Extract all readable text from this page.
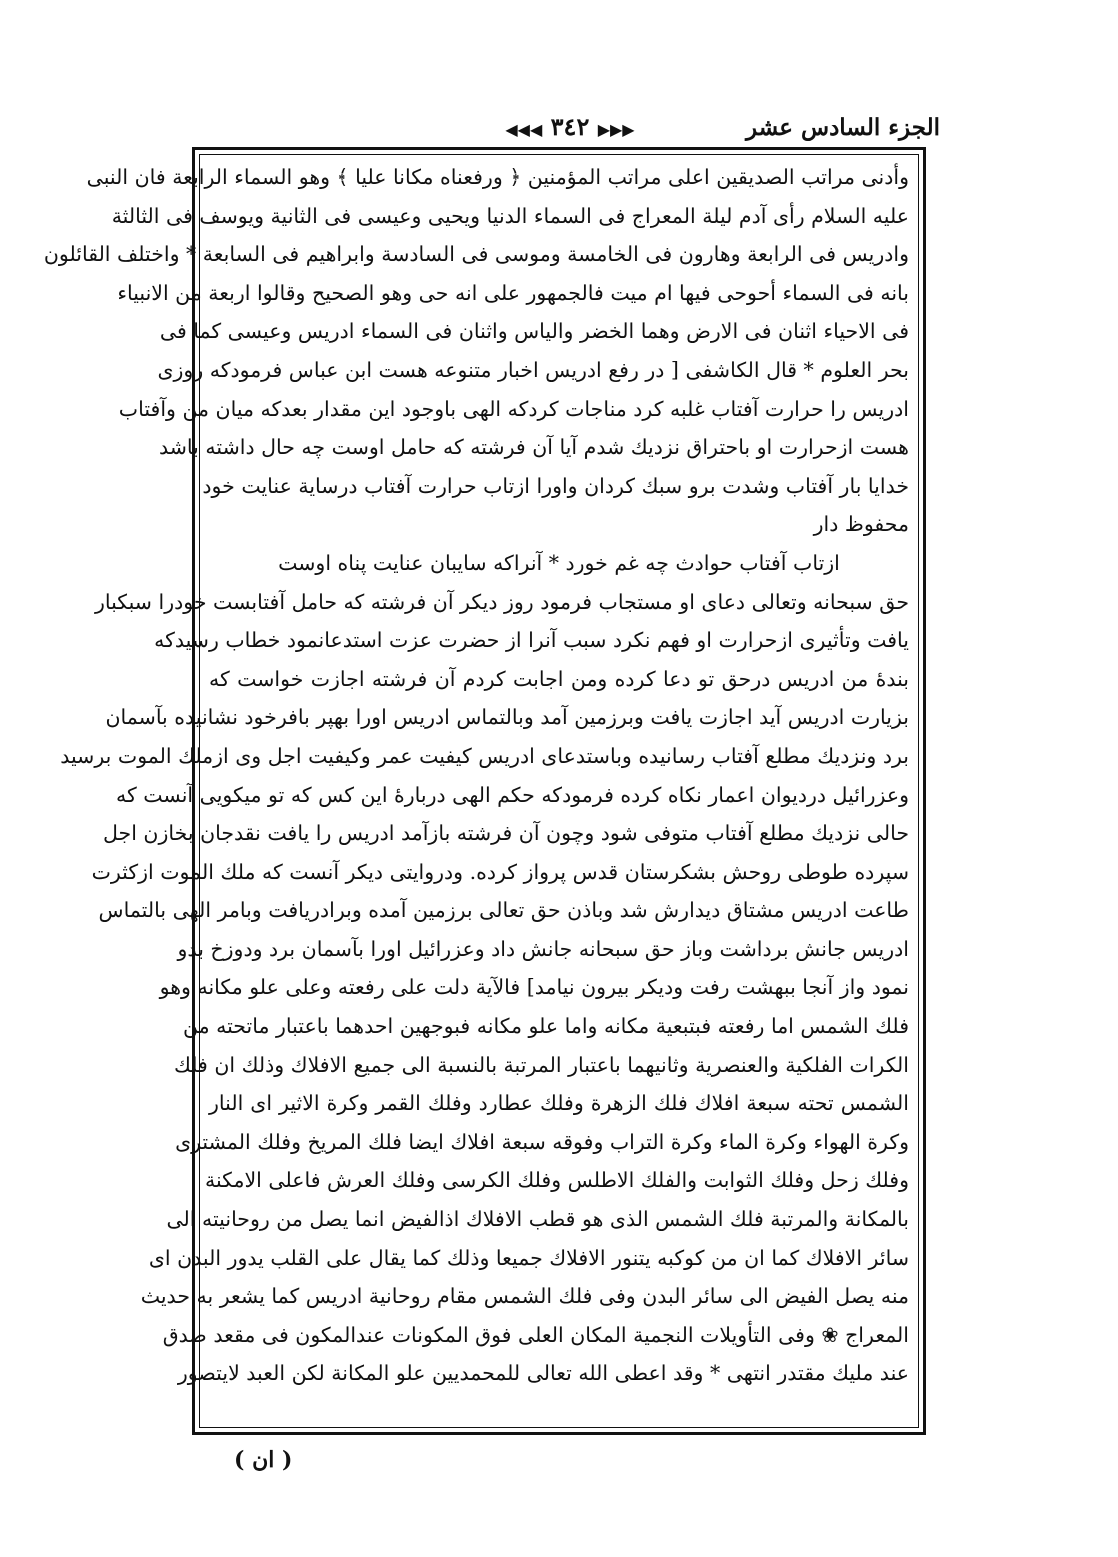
الجزء السادس عشر
◀◀◀ ٣٤٢ ▶▶▶
وأدنى مراتب الصديقين اعلى مراتب المؤمنين ﴿ ورفعناه مكانا عليا ﴾ وهو السماء الرابعة فان النبى
عليه السلام رأى آدم ليلة المعراج فى السماء الدنيا ويحيى وعيسى فى الثانية ويوسف فى الثالثة
وادريس فى الرابعة وهارون فى الخامسة وموسى فى السادسة وابراهيم فى السابعة * واختلف القائلون
بانه فى السماء أحوحى فيها ام ميت فالجمهور على انه حى وهو الصحيح وقالوا اربعة من الانبياء
فى الاحياء اثنان فى الارض وهما الخضر والياس واثنان فى السماء ادريس وعيسى كما فى
بحر العلوم * قال الكاشفى [ در رفع ادريس اخبار متنوعه هست ابن عباس فرمودكه روزى
ادريس را حرارت آفتاب غلبه كرد مناجات كردكه الهى باوجود اين مقدار بعدكه ميان من وآفتاب
هست ازحرارت او باحتراق نزديك شدم آيا آن فرشته كه حامل اوست چه حال داشته باشد
خدايا بار آفتاب وشدت برو سبك كردان واورا ازتاب حرارت آفتاب درساية عنايت خود
محفوظ دار
ازتاب آفتاب حوادث چه غم خورد * آنراكه سايبان عنايت پناه اوست
حق سبحانه وتعالى دعاى او مستجاب فرمود روز ديكر آن فرشته كه حامل آفتابست خودرا سبكبار
يافت وتأثيرى ازحرارت او فهم نكرد سبب آنرا از حضرت عزت استدعانمود خطاب رسيدكه
بندۀ من ادريس درحق تو دعا كرده ومن اجابت كردم آن فرشته اجازت خواست كه
بزيارت ادريس آيد اجازت يافت وبرزمين آمد وبالتماس ادريس اورا بهپر بافرخود نشانيده بآسمان
برد ونزديك مطلع آفتاب رسانيده وباستدعاى ادريس كيفيت عمر وكيفيت اجل وى ازملك الموت برسيد
وعزرائيل درديوان اعمار نكاه كرده فرمودكه حكم الهى دربارۀ اين كس كه تو ميكويى آنست كه
حالى نزديك مطلع آفتاب متوفى شود وچون آن فرشته بازآمد ادريس را يافت نقدجان بخازن اجل
سپرده طوطى روحش بشكرستان قدس پرواز كرده. ودروايتى ديكر آنست كه ملك الموت ازكثرت
طاعت ادريس مشتاق ديدارش شد وباذن حق تعالى برزمين آمده وبرادريافت وبامر الهى بالتماس
ادريس جانش برداشت وباز حق سبحانه جانش داد وعزرائيل اورا بآسمان برد ودوزخ بدو
نمود واز آنجا ببهشت رفت وديكر بيرون نيامد] فالآية دلت على رفعته وعلى علو مكانه وهو
فلك الشمس اما رفعته فبتبعية مكانه واما علو مكانه فبوجهين احدهما باعتبار ماتحته من
الكرات الفلكية والعنصرية وثانيهما باعتبار المرتبة بالنسبة الى جميع الافلاك وذلك ان فلك
الشمس تحته سبعة افلاك فلك الزهرة وفلك عطارد وفلك القمر وكرة الاثير اى النار
وكرة الهواء وكرة الماء وكرة التراب وفوقه سبعة افلاك ايضا فلك المريخ وفلك المشترى
وفلك زحل وفلك الثوابت والفلك الاطلس وفلك الكرسى وفلك العرش فاعلى الامكنة
بالمكانة والمرتبة فلك الشمس الذى هو قطب الافلاك اذالفيض انما يصل من روحانيته الى
سائر الافلاك كما ان من كوكبه يتنور الافلاك جميعا وذلك كما يقال على القلب يدور البدن اى
منه يصل الفيض الى سائر البدن وفى فلك الشمس مقام روحانية ادريس كما يشعر به حديث
المعراج ❀ وفى التأويلات النجمية المكان العلى فوق المكونات عندالمكون فى مقعد صدق
عند مليك مقتدر انتهى * وقد اعطى الله تعالى للمحمديين علو المكانة لكن العبد لايتصور
( ان )
